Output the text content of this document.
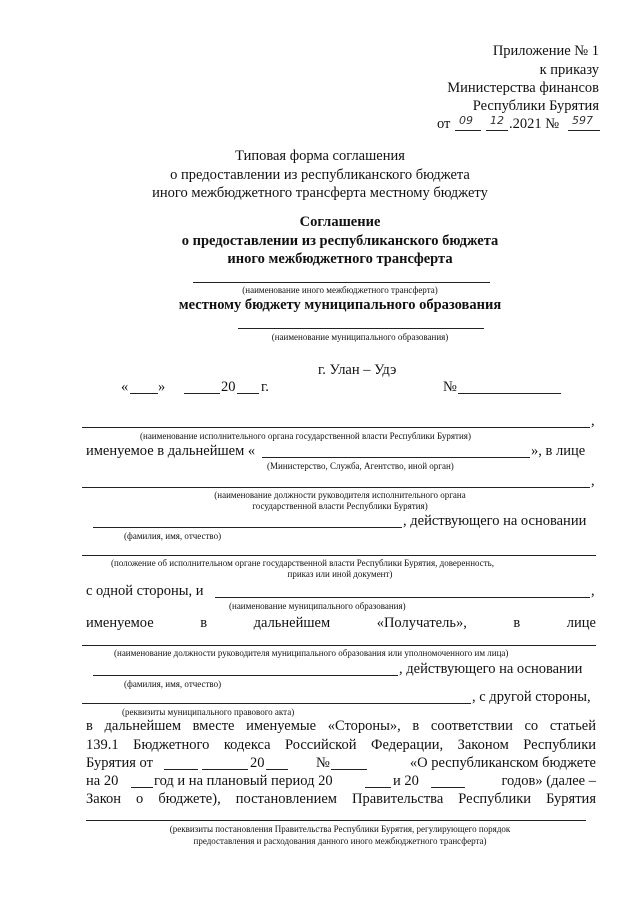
Приложение № 1
к приказу
Министерства финансов
Республики Бурятия
от 09 12 .2021 № 597
Типовая форма соглашения
о предоставлении из республиканского бюджета
иного межбюджетного трансферта местному бюджету
Соглашение
о предоставлении из республиканского бюджета
иного межбюджетного трансферта
(наименование иного межбюджетного трансферта)
местному бюджету муниципального образования
(наименование муниципального образования)
г. Улан – Удэ
« »	20 г.	№
,
(наименование исполнительного органа государственной власти Республики Бурятия)
именуемое в дальнейшем «	», в лице
(Министерство, Служба, Агентство, иной орган)
,
(наименование должности руководителя исполнительного органа
государственной власти Республики Бурятия)
, действующего на основании
(фамилия, имя, отчество)
(положение об исполнительном органе государственной власти Республики Бурятия, доверенность,
приказ или иной документ)
с одной стороны, и	,
(наименование муниципального образования)
именуемое	в	дальнейшем	«Получатель»,	в	лице
(наименование должности руководителя муниципального образования или уполномоченного им лица)
, действующего на основании
(фамилия, имя, отчество)
, с другой стороны,
(реквизиты муниципального правового акта)
в дальнейшем вместе именуемые «Стороны», в соответствии со статьей
139.1 Бюджетного кодекса Российской Федерации, Законом Республики
Бурятия от	20	№	«О республиканском бюджете
на 20 год и на плановый период 20	и 20	годов» (далее –
Закон о бюджете), постановлением Правительства Республики Бурятия
(реквизиты постановления Правительства Республики Бурятия, регулирующего порядок
предоставления и расходования данного иного межбюджетного трансферта)
